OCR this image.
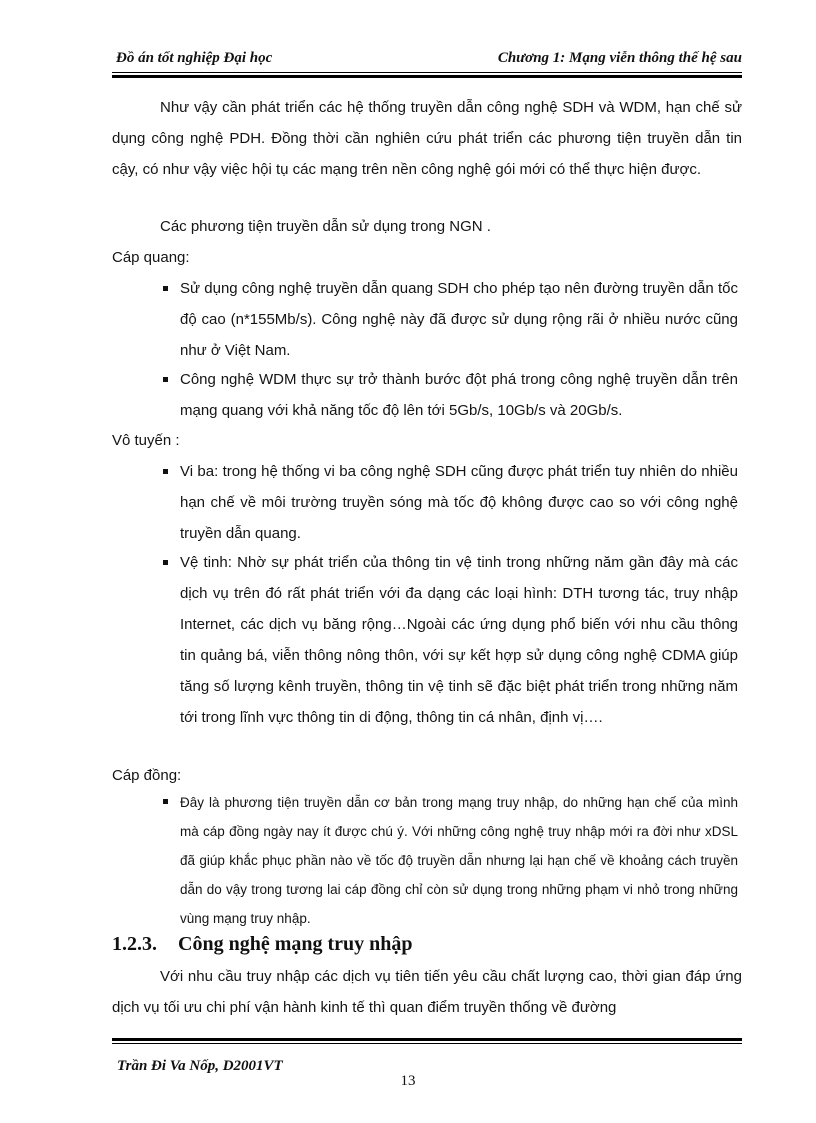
Đồ án tốt nghiệp Đại học	Chương 1: Mạng viễn thông thế hệ sau

Như vậy cần phát triển các hệ thống truyền dẫn công nghệ SDH và WDM, hạn chế sử dụng công nghệ PDH. Đồng thời cần nghiên cứu phát triển các phương tiện truyền dẫn tin cậy, có như vậy việc hội tụ các mạng trên nền công nghệ gói mới có thể thực hiện được.

Các phương tiện truyền dẫn sử dụng trong NGN .

Cáp quang:

Sử dụng công nghệ truyền dẫn quang SDH cho phép tạo nên đường truyền dẫn tốc độ cao (n*155Mb/s). Công nghệ này đã được sử dụng rộng rãi ở nhiều nước cũng như ở Việt Nam.

Công nghệ WDM thực sự trở thành bước đột phá trong công nghệ truyền dẫn trên mạng quang với khả năng tốc độ lên tới 5Gb/s, 10Gb/s và 20Gb/s.

Vô tuyến :

Vi ba: trong hệ thống vi ba công nghệ SDH cũng được phát triển tuy nhiên do nhiều hạn chế về môi trường truyền sóng mà tốc độ không được cao so với công nghệ truyền dẫn quang.

Vệ tinh: Nhờ sự phát triển của thông tin vệ tinh trong những năm gần đây mà các dịch vụ trên đó rất phát triển với đa dạng các loại hình: DTH tương tác, truy nhập Internet, các dịch vụ băng rộng…Ngoài các ứng dụng phổ biến với nhu cầu thông tin quảng bá, viễn thông nông thôn, với sự kết hợp sử dụng công nghệ CDMA giúp tăng số lượng kênh truyền, thông tin vệ tinh sẽ đặc biệt phát triển trong những năm tới trong lĩnh vực thông tin di động, thông tin cá nhân, định vị….

Cáp đồng:

Đây là phương tiện truyền dẫn cơ bản trong mạng truy nhập, do những hạn chế của mình mà cáp đồng ngày nay ít được chú ý. Với những công nghệ truy nhập mới ra đời như xDSL đã giúp khắc phục phần nào về tốc độ truyền dẫn nhưng lại hạn chế về khoảng cách truyền dẫn do vậy trong tương lai cáp đồng chỉ còn sử dụng trong những phạm vi nhỏ trong những vùng mạng truy nhập.

1.2.3. Công nghệ mạng truy nhập

Với nhu cầu truy nhập các dịch vụ tiên tiến yêu cầu chất lượng cao, thời gian đáp ứng dịch vụ tối ưu chi phí vận hành kinh tế thì quan điểm truyền thống về đường

Trần Đi Va Nốp, D2001VT
13
